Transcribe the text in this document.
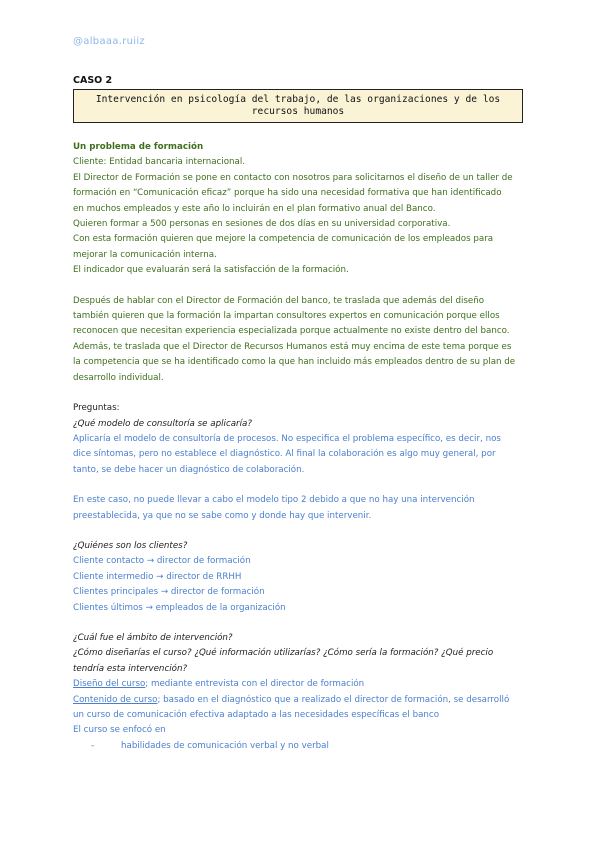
@albaaa.ruiiz
CASO 2
Intervención en psicología del trabajo, de las organizaciones y de los recursos humanos

Un problema de formación

Cliente: Entidad bancaria internacional.

El Director de Formación se pone en contacto con nosotros para solicitarnos el diseño de un taller de

formación en “Comunicación eficaz” porque ha sido una necesidad formativa que han identificado

en muchos empleados y este año lo incluirán en el plan formativo anual del Banco.

Quieren formar a 500 personas en sesiones de dos días en su universidad corporativa.

Con esta formación quieren que mejore la competencia de comunicación de los empleados para

mejorar la comunicación interna.

El indicador que evaluarán será la satisfacción de la formación.

Después de hablar con el Director de Formación del banco, te traslada que además del diseño

también quieren que la formación la impartan consultores expertos en comunicación porque ellos

reconocen que necesitan experiencia especializada porque actualmente no existe dentro del banco.

Además, te traslada que el Director de Recursos Humanos está muy encima de este tema porque es

la competencia que se ha identificado como la que han incluido más empleados dentro de su plan de

desarrollo individual.

Preguntas:

¿Qué modelo de consultoría se aplicaría?

Aplicaría el modelo de consultoría de procesos. No especifica el problema específico, es decir, nos

dice síntomas, pero no establece el diagnóstico. Al final la colaboración es algo muy general, por

tanto, se debe hacer un diagnóstico de colaboración.

En este caso, no puede llevar a cabo el modelo tipo 2 debido a que no hay una intervención

preestablecida, ya que no se sabe como y donde hay que intervenir.

¿Quiénes son los clientes?

Cliente contacto → director de formación

Cliente intermedio → director de RRHH

Clientes principales → director de formación

Clientes últimos → empleados de la organización

¿Cuál fue el ámbito de intervención?

¿Cómo diseñarías el curso? ¿Qué información utilizarías? ¿Cómo sería la formación? ¿Qué precio

tendría esta intervención?

Diseño del curso; mediante entrevista con el director de formación

Contenido de curso; basado en el diagnóstico que a realizado el director de formación, se desarrolló

un curso de comunicación efectiva adaptado a las necesidades específicas el banco

El curso se enfocó en

-	habilidades de comunicación verbal y no verbal
